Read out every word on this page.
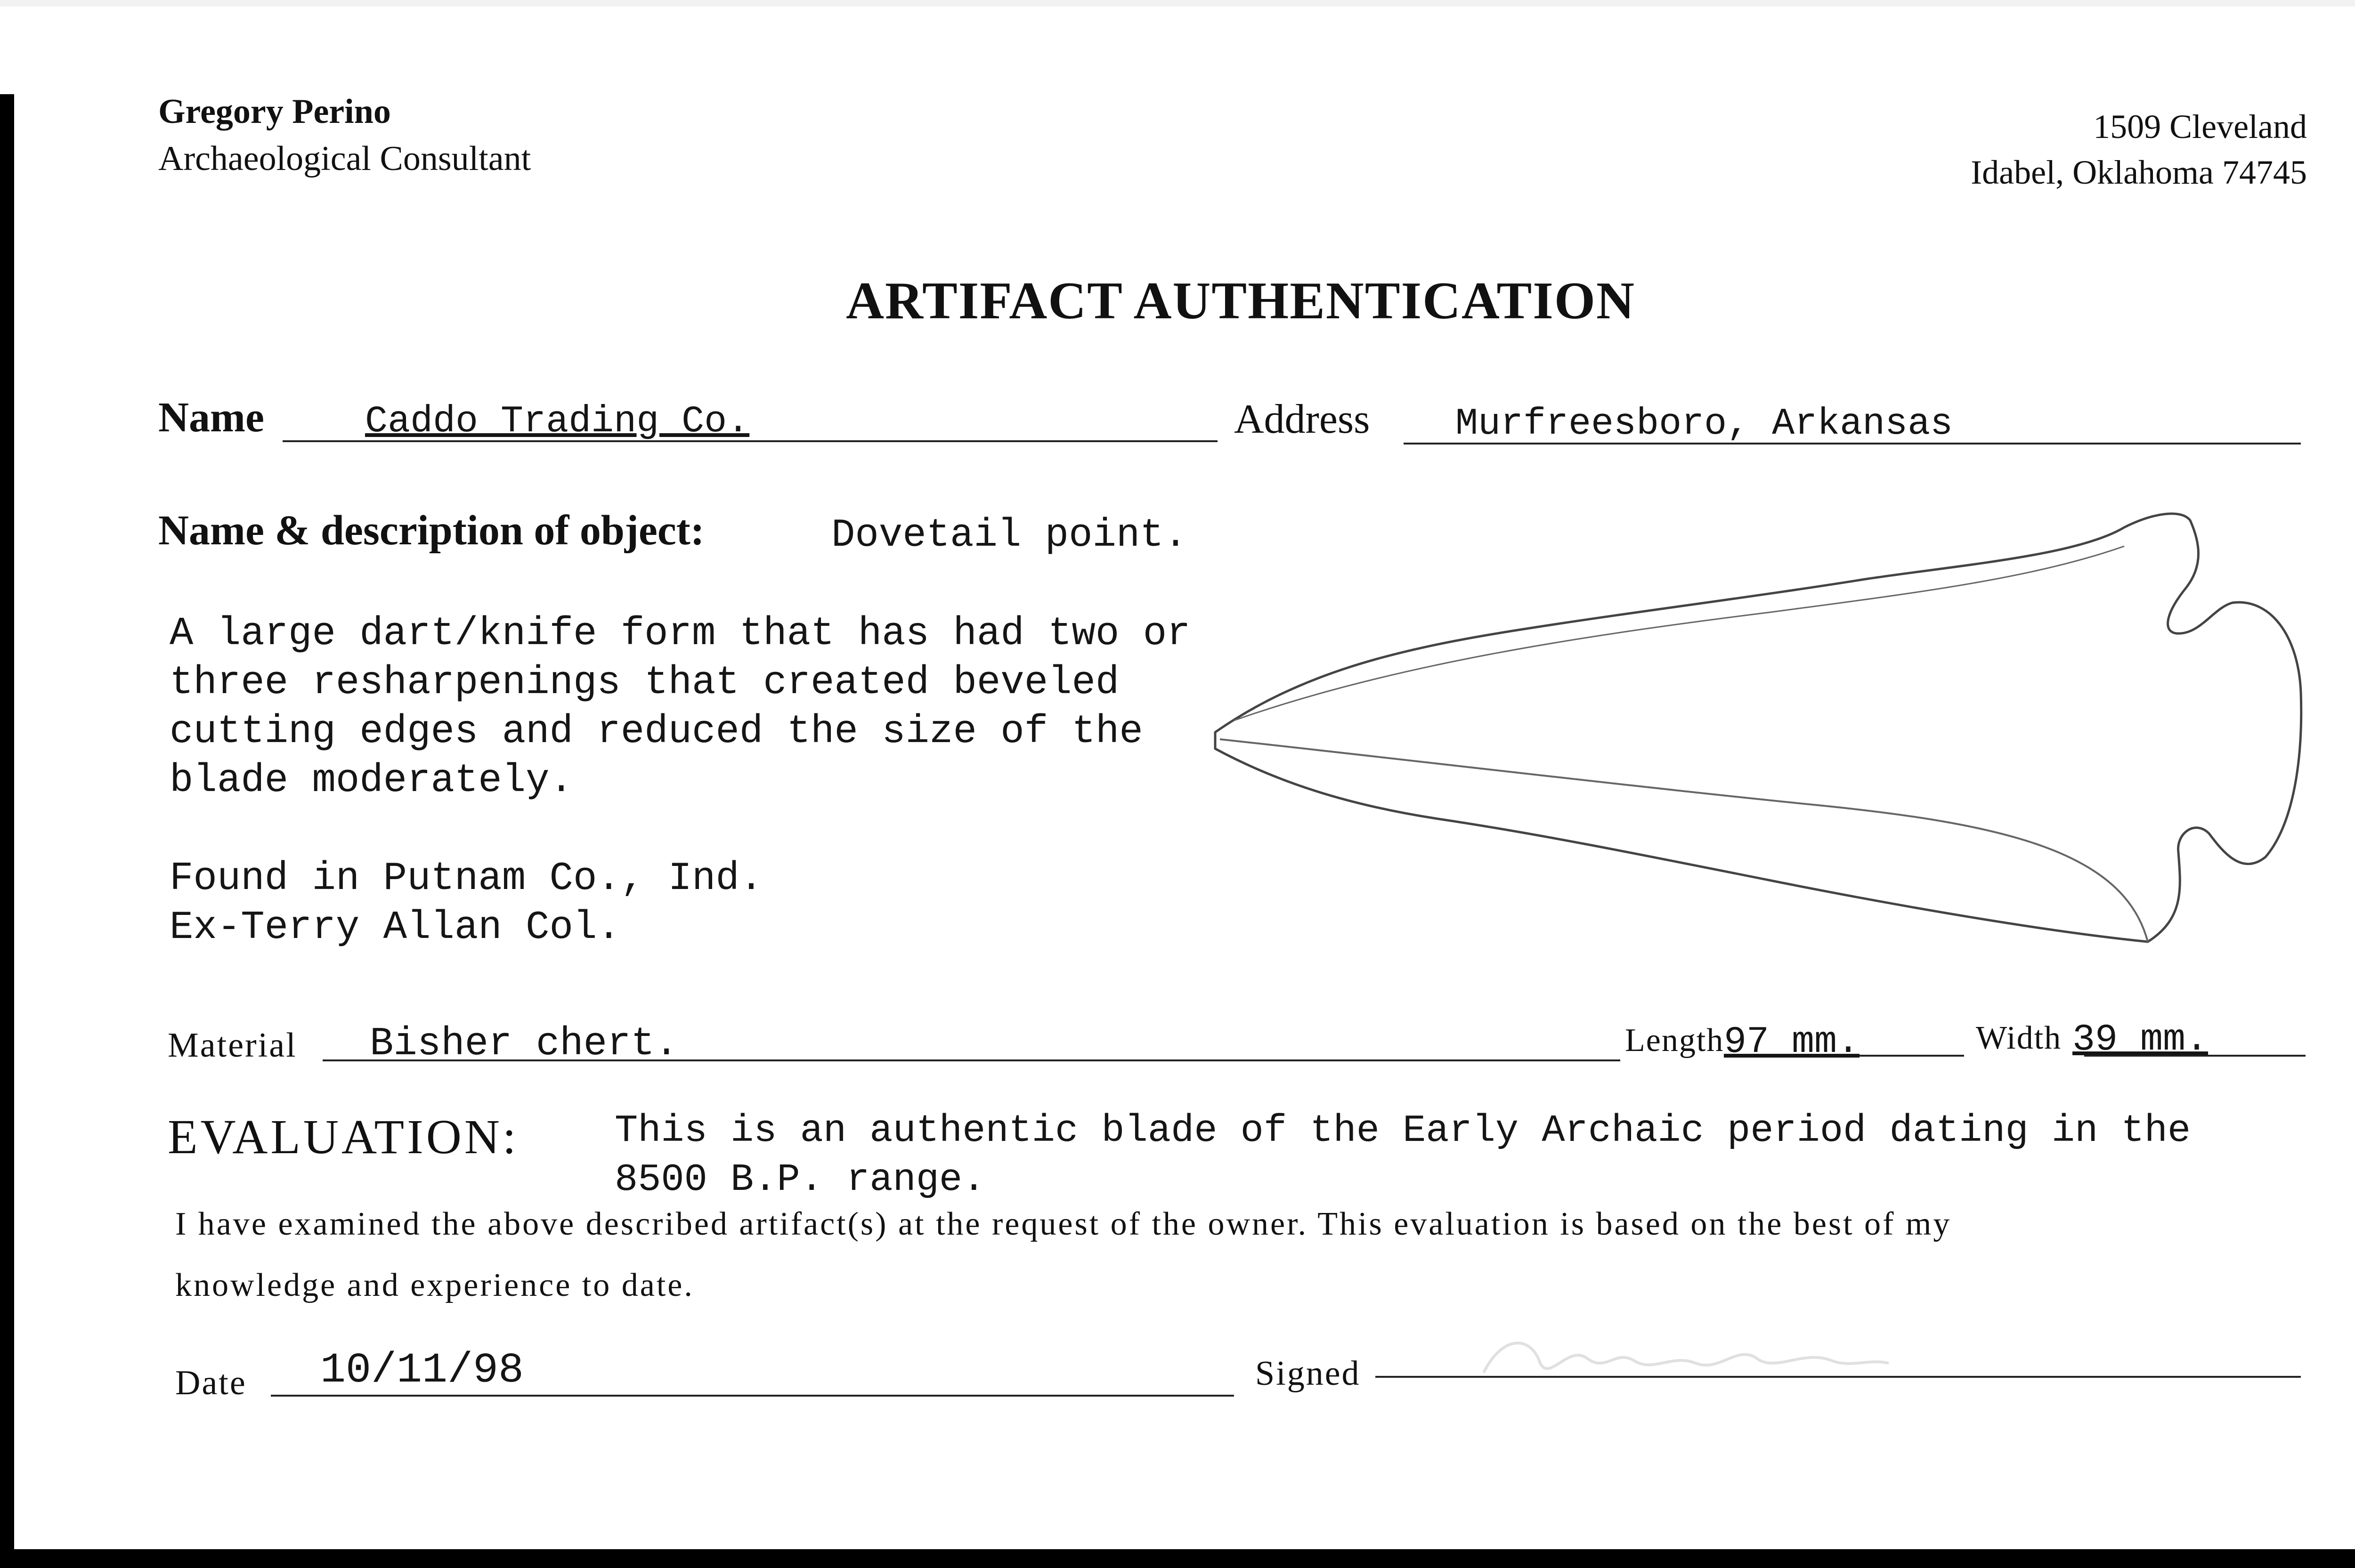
Gregory Perino
Archaeological Consultant
1509 Cleveland
Idabel, Oklahoma 74745
ARTIFACT AUTHENTICATION
Name	Caddo Trading Co.	Address Murfreesboro, Arkansas
Name & description of object:	Dovetail point.
A large dart/knife form that has had two or
three resharpenings that created beveled
cutting edges and reduced the size of the
blade moderately.
Found in Putnam Co., Ind.
Ex-Terry Allan Col.
Material Bisher chert.	Length 97 mm.	Width 39 mm.
EVALUATION: This is an authentic blade of the Early Archaic period dating in the
8500 B.P. range.
I have examined the above described artifact(s) at the request of the owner. This evaluation is based on the best of my
knowledge and experience to date.
Date 10/11/98	Signed
